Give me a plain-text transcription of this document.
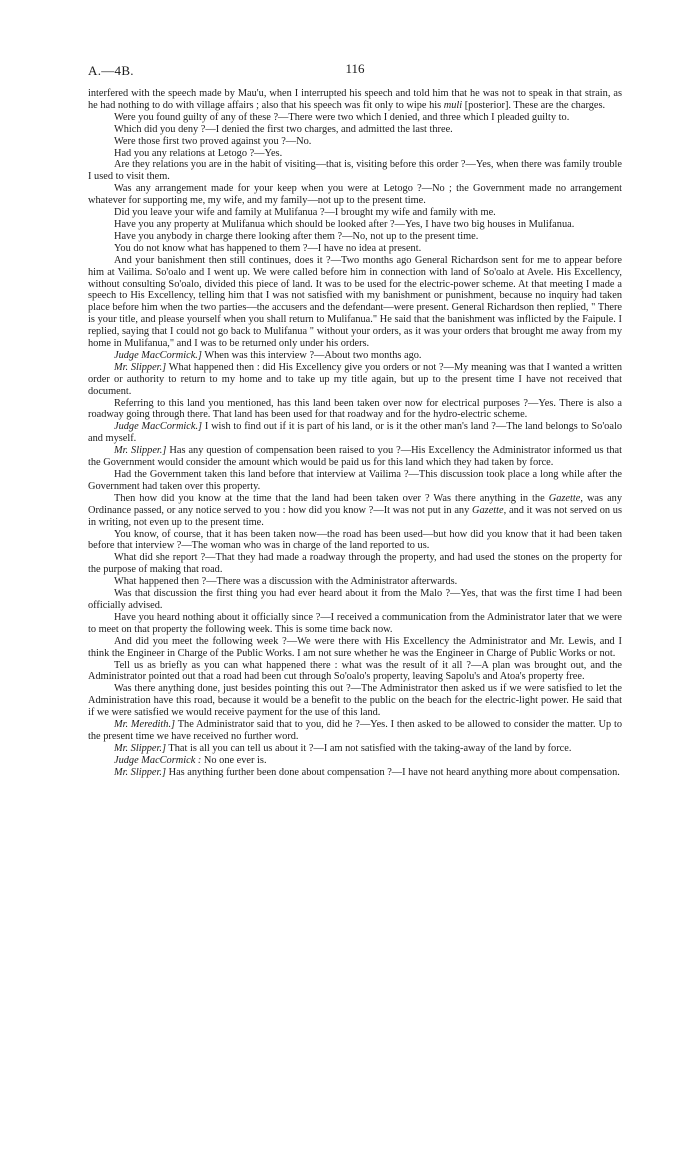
A.—4B.	116

interfered with the speech made by Mau'u, when I interrupted his speech and told him that he was not to speak in that strain, as he had nothing to do with village affairs ; also that his speech was fit only to wipe his muli [posterior]. These are the charges.

Were you found guilty of any of these ?—There were two which I denied, and three which I pleaded guilty to.

Which did you deny ?—I denied the first two charges, and admitted the last three.

Were those first two proved against you ?—No.

Had you any relations at Letogo ?—Yes.

Are they relations you are in the habit of visiting—that is, visiting before this order ?—Yes, when there was family trouble I used to visit them.

Was any arrangement made for your keep when you were at Letogo ?—No ; the Government made no arrangement whatever for supporting me, my wife, and my family—not up to the present time.

Did you leave your wife and family at Mulifanua ?—I brought my wife and family with me.

Have you any property at Mulifanua which should be looked after ?—Yes, I have two big houses in Mulifanua.

Have you anybody in charge there looking after them ?—No, not up to the present time.

You do not know what has happened to them ?—I have no idea at present.

And your banishment then still continues, does it ?—Two months ago General Richardson sent for me to appear before him at Vailima. So'oalo and I went up. We were called before him in connection with land of So'oalo at Avele. His Excellency, without consulting So'oalo, divided this piece of land. It was to be used for the electric-power scheme. At that meeting I made a speech to His Excellency, telling him that I was not satisfied with my banishment or punishment, because no inquiry had taken place before him when the two parties—the accusers and the defendant—were present. General Richardson then replied, " There is your title, and please yourself when you shall return to Mulifanua." He said that the banishment was inflicted by the Faipule. I replied, saying that I could not go back to Mulifanua " without your orders, as it was your orders that brought me away from my home in Mulifanua," and I was to be returned only under his orders.

Judge MacCormick.] When was this interview ?—About two months ago.

Mr. Slipper.] What happened then : did His Excellency give you orders or not ?—My meaning was that I wanted a written order or authority to return to my home and to take up my title again, but up to the present time I have not received that document.

Referring to this land you mentioned, has this land been taken over now for electrical purposes ?—Yes. There is also a roadway going through there. That land has been used for that roadway and for the hydro-electric scheme.

Judge MacCormick.] I wish to find out if it is part of his land, or is it the other man's land ?—The land belongs to So'oalo and myself.

Mr. Slipper.] Has any question of compensation been raised to you ?—His Excellency the Administrator informed us that the Government would consider the amount which would be paid us for this land which they had taken by force.

Had the Government taken this land before that interview at Vailima ?—This discussion took place a long while after the Government had taken over this property.

Then how did you know at the time that the land had been taken over ? Was there anything in the Gazette, was any Ordinance passed, or any notice served to you : how did you know ?—It was not put in any Gazette, and it was not served on us in writing, not even up to the present time.

You know, of course, that it has been taken now—the road has been used—but how did you know that it had been taken before that interview ?—The woman who was in charge of the land reported to us.

What did she report ?—That they had made a roadway through the property, and had used the stones on the property for the purpose of making that road.

What happened then ?—There was a discussion with the Administrator afterwards.

Was that discussion the first thing you had ever heard about it from the Malo ?—Yes, that was the first time I had been officially advised.

Have you heard nothing about it officially since ?—I received a communication from the Administrator later that we were to meet on that property the following week. This is some time back now.

And did you meet the following week ?—We were there with His Excellency the Administrator and Mr. Lewis, and I think the Engineer in Charge of the Public Works. I am not sure whether he was the Engineer in Charge of Public Works or not.

Tell us as briefly as you can what happened there : what was the result of it all ?—A plan was brought out, and the Administrator pointed out that a road had been cut through So'oalo's property, leaving Sapolu's and Atoa's property free.

Was there anything done, just besides pointing this out ?—The Administrator then asked us if we were satisfied to let the Administration have this road, because it would be a benefit to the public on the beach for the electric-light power. He said that if we were satisfied we would receive payment for the use of this land.

Mr. Meredith.] The Administrator said that to you, did he ?—Yes. I then asked to be allowed to consider the matter. Up to the present time we have received no further word.

Mr. Slipper.] That is all you can tell us about it ?—I am not satisfied with the taking-away of the land by force.

Judge MacCormick : No one ever is.

Mr. Slipper.] Has anything further been done about compensation ?—I have not heard anything more about compensation.
